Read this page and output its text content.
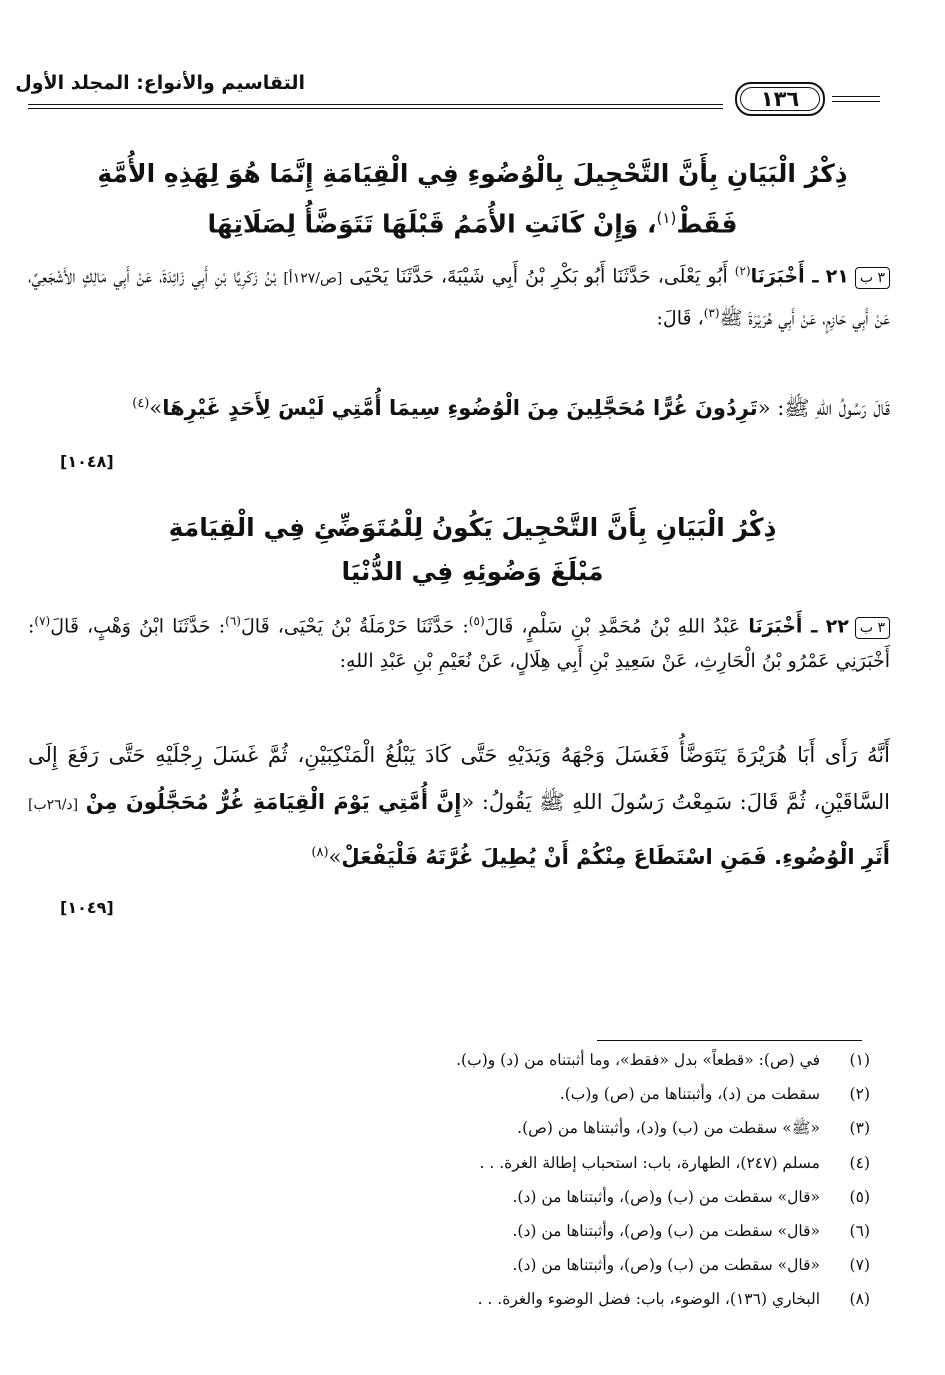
التقاسيم والأنواع: المجلد الأول
١٣٦
ذِكْرُ الْبَيَانِ بِأَنَّ التَّحْجِيلَ بِالْوُضُوءِ فِي الْقِيَامَةِ إِنَّمَا هُوَ لِهَذِهِ الأُمَّةِ
فَقَطْ$^{(١)}$، وَإِنْ كَانَتِ الأُمَمُ قَبْلَهَا تَتَوَضَّأُ لِصَلَاتِهَا
٣ ب٢١ ـ أَخْبَرَنَا$^{(٢)}$ أَبُو يَعْلَى، حَدَّثَنَا أَبُو بَكْرِ بْنُ أَبِي شَيْبَةَ، حَدَّثَنَا يَحْيَى [ص/١٢٧أ] بْنُ زَكَرِيَّا بْنِ أَبِي زَائِدَةَ، عَنْ أَبِي مَالِكٍ الأَشْجَعِيِّ، عَنْ أَبِي حَازِمٍ، عَنْ أَبِي هُرَيْرَةَ ﷺ$^{(٣)}$، قَالَ:
قَالَ رَسُولُ اللهِ ﷺ: «تَرِدُونَ غُرًّا مُحَجَّلِينَ مِنَ الْوُضُوءِ سِيمَا أُمَّتِي لَيْسَ لِأَحَدٍ غَيْرِهَا»$^{(٤)}$
[١٠٤٨]
ذِكْرُ الْبَيَانِ بِأَنَّ التَّحْجِيلَ يَكُونُ لِلْمُتَوَضِّئِ فِي الْقِيَامَةِ
مَبْلَغَ وَضُوئِهِ فِي الدُّنْيَا
٣ ب٢٢ ـ أَخْبَرَنَا عَبْدُ اللهِ بْنُ مُحَمَّدِ بْنِ سَلْمٍ، قَالَ$^{(٥)}$: حَدَّثَنَا حَرْمَلَةُ بْنُ يَحْيَى، قَالَ$^{(٦)}$: حَدَّثَنَا ابْنُ وَهْبٍ، قَالَ$^{(٧)}$: أَخْبَرَنِي عَمْرُو بْنُ الْحَارِثِ، عَنْ سَعِيدِ بْنِ أَبِي هِلَالٍ، عَنْ نُعَيْمِ بْنِ عَبْدِ اللهِ:
أَنَّهُ رَأَى أَبَا هُرَيْرَةَ يَتَوَضَّأُ فَغَسَلَ وَجْهَهُ وَيَدَيْهِ حَتَّى كَادَ يَبْلُغُ الْمَنْكِبَيْنِ، ثُمَّ غَسَلَ رِجْلَيْهِ حَتَّى رَفَعَ إِلَى السَّاقَيْنِ، ثُمَّ قَالَ: سَمِعْتُ رَسُولَ اللهِ ﷺ يَقُولُ: «إِنَّ أُمَّتِي يَوْمَ الْقِيَامَةِ غُرٌّ مُحَجَّلُونَ مِنْ [د/٢٦ب] أَثَرِ الْوُضُوءِ. فَمَنِ اسْتَطَاعَ مِنْكُمْ أَنْ يُطِيلَ غُرَّتَهُ فَلْيَفْعَلْ»$^{(٨)}$
[١٠٤٩]
(١)في (ص): «قطعاً» بدل «فقط»، وما أثبتناه من (د) و(ب).
(٢)سقطت من (د)، وأثبتناها من (ص) و(ب).
(٣)«ﷺ» سقطت من (ب) و(د)، وأثبتناها من (ص).
(٤)مسلم (٢٤٧)، الطهارة، باب: استحباب إطالة الغرة. . .
(٥)«قال» سقطت من (ب) و(ص)، وأثبتناها من (د).
(٦)«قال» سقطت من (ب) و(ص)، وأثبتناها من (د).
(٧)«قال» سقطت من (ب) و(ص)، وأثبتناها من (د).
(٨)البخاري (١٣٦)، الوضوء، باب: فضل الوضوء والغرة. . .
